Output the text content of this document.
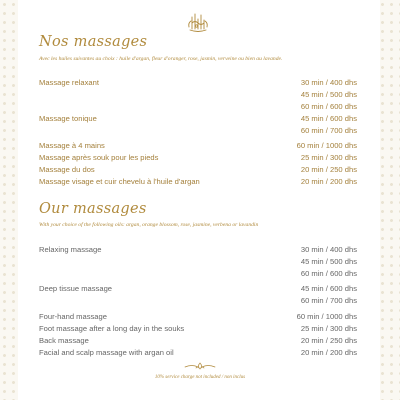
Nos massages
Avec les huiles suivantes au choix : huile d'argan, fleur d'oranger, rose, jasmin, verveine ou bien au lavande.
Massage relaxant	30 min / 400 dhs
45 min / 500 dhs
60 min / 600 dhs
Massage tonique	45 min / 600 dhs
60 min / 700 dhs
Massage à 4 mains	60 min / 1000 dhs
Massage après souk pour les pieds	25 min / 300 dhs
Massage du dos	20 min / 250 dhs
Massage visage et cuir chevelu à l'huile d'argan	20 min / 200 dhs
Our massages
With your choice of the following oils: argan, orange blossom, rose, jasmine, verbena or lavandin
Relaxing massage	30 min / 400 dhs
45 min / 500 dhs
60 min / 600 dhs
Deep tissue massage	45 min / 600 dhs
60 min / 700 dhs
Four-hand massage	60 min / 1000 dhs
Foot massage after a long day in the souks	25 min / 300 dhs
Back massage	20 min / 250 dhs
Facial and scalp massage with argan oil	20 min / 200 dhs
10% service charge not included / non inclus
